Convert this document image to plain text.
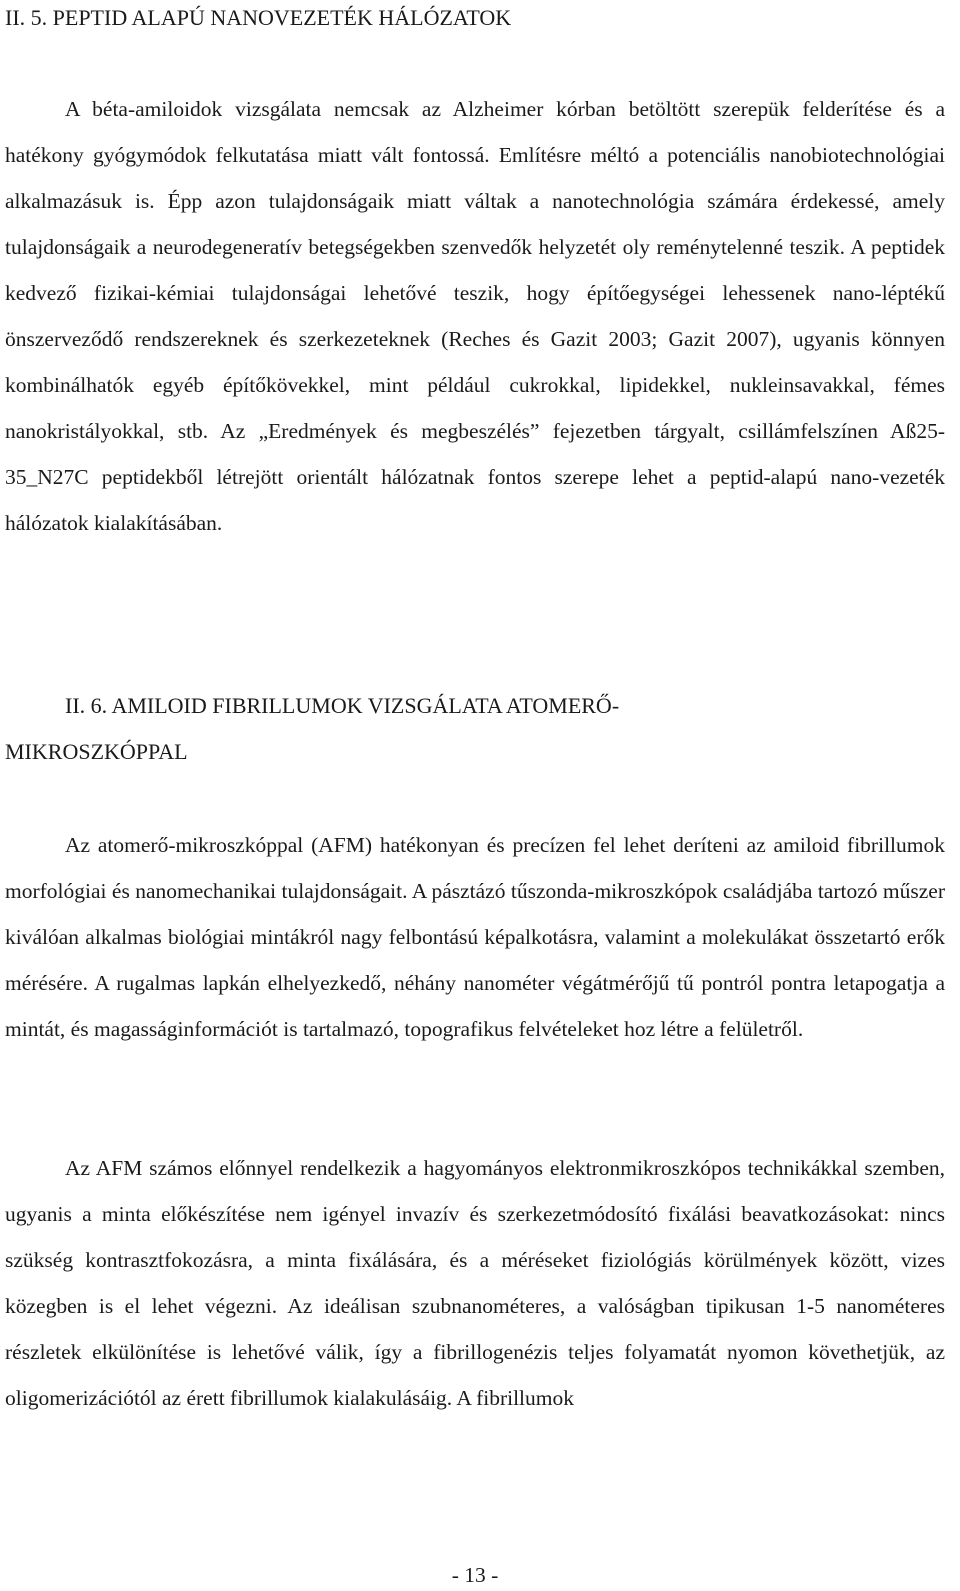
II. 5. PEPTID ALAPÚ NANOVEZETÉK HÁLÓZATOK

A béta-amiloidok vizsgálata nemcsak az Alzheimer kórban betöltött szerepük felderítése és a hatékony gyógymódok felkutatása miatt vált fontossá. Említésre méltó a potenciális nanobiotechnológiai alkalmazásuk is. Épp azon tulajdonságaik miatt váltak a nanotechnológia számára érdekessé, amely tulajdonságaik a neurodegeneratív betegségekben szenvedők helyzetét oly reménytelenné teszik. A peptidek kedvező fizikai-kémiai tulajdonságai lehetővé teszik, hogy építőegységei lehessenek nano-léptékű önszerveződő rendszereknek és szerkezeteknek (Reches és Gazit 2003; Gazit 2007), ugyanis könnyen kombinálhatók egyéb építőkövekkel, mint például cukrokkal, lipidekkel, nukleinsavakkal, fémes nanokristályokkal, stb. Az „Eredmények és megbeszélés” fejezetben tárgyalt, csillámfelszínen Aß25-35_N27C peptidekből létrejött orientált hálózatnak fontos szerepe lehet a peptid-alapú nano-vezeték hálózatok kialakításában.

II. 6. AMILOID FIBRILLUMOK VIZSGÁLATA ATOMERŐ-
MIKROSZKÓPPAL

Az atomerő-mikroszkóppal (AFM) hatékonyan és precízen fel lehet deríteni az amiloid fibrillumok morfológiai és nanomechanikai tulajdonságait. A pásztázó tűszonda-mikroszkópok családjába tartozó műszer kiválóan alkalmas biológiai mintákról nagy felbontású képalkotásra, valamint a molekulákat összetartó erők mérésére. A rugalmas lapkán elhelyezkedő, néhány nanométer végátmérőjű tű pontról pontra letapogatja a mintát, és magasságinformációt is tartalmazó, topografikus felvételeket hoz létre a felületről.

Az AFM számos előnnyel rendelkezik a hagyományos elektronmikroszkópos technikákkal szemben, ugyanis a minta előkészítése nem igényel invazív és szerkezetmódosító fixálási beavatkozásokat: nincs szükség kontrasztfokozásra, a minta fixálására, és a méréseket fiziológiás körülmények között, vizes közegben is el lehet végezni. Az ideálisan szubnanométeres, a valóságban tipikusan 1-5 nanométeres részletek elkülönítése is lehetővé válik, így a fibrillogenézis teljes folyamatát nyomon követhetjük, az oligomerizációtól az érett fibrillumok kialakulásáig. A fibrillumok

- 13 -
